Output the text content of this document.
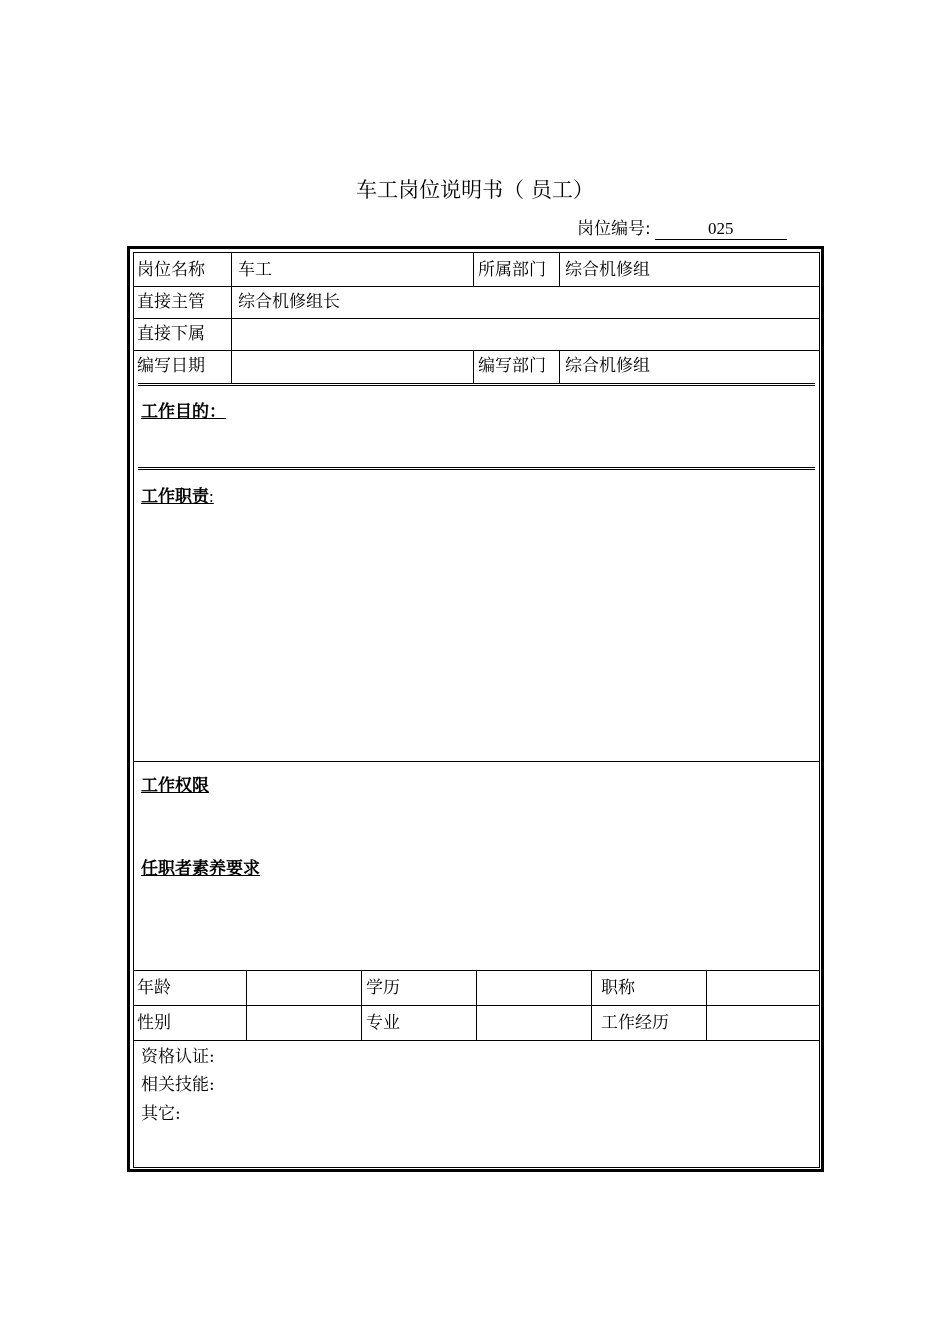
车工岗位说明书（ 员工）
岗位编号:	025
岗位名称 车工	所属部门 综合机修组
直接主管 综合机修组长
直接下属
编写日期	编写部门 综合机修组
工作目的：
工作职责:
工作权限
任职者素养要求
年龄	学历	职称
性别	专业	工作经历
资格认证:
相关技能:
其它:
